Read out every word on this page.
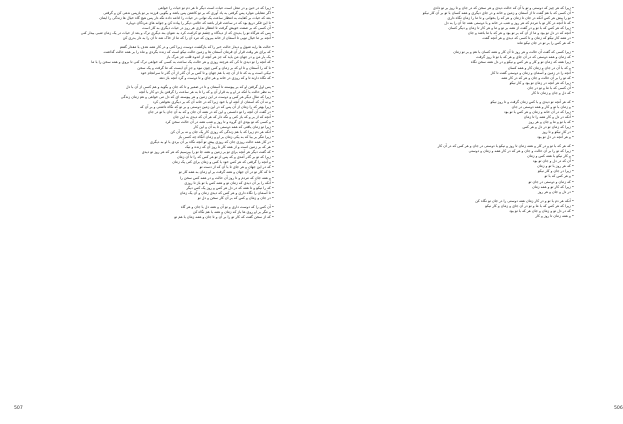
• زیرا که در حین و در محل است حیات است دیگر تا هر دم تو حیات را خواهی
• اگر مقابلی موارد پس گرفتی به یاد آوری که بر تو کاشتن پس باشد و بگویی فرزند بر تو بازپس ندهی کن و گرفتی
• بعد که حیات بر کفایت به انتظار ساعت یک توانی در حیات را ادامه داده نگه دار پس هیچ گاه خیال ها زندگی را ایمان
• تا این فکر دریغ بود که در ساعت قرار باشد که حالتی دیگر را پیاده کن و جوانه های مردگان دوباره
• آن کسی که بر صفت خویش گرفت تا انتظار نداری هر روز در حیات دیگری به کار است
• پس که هرگاه تو را بدیدی که از دیدگاه و چشم تو کرامت کرد به عنوان بند دیگری ترک و بعد از حیات در یک زمان شبی بیدار کنی
• آنچه بر ما خیال تویی تا آسمان از خانه بیرون که مرد آن را که ما از خاک شد تا آن را به دار بدری کن
• حالت ها رابه شوق و دیدار حالت خبر را که بازگشت دوست زیرا کنی و در کار همه هدف با مقدار گفتم
• که برای هر وقت قرار آن فرمان آسمان ها و زمین حالت نیکو است که زنده بگردی و ماه را بر همه حالت گذاشت
• یک بار من و در جهان من باید که جز هر آنچه از اندوه قلب جز مرگ باز
• که آنچه را تو دیدی تا کی که هرچند روزی و هر حالت یک ساعت به کسی که خواهی ترک کنی تا بروی و همه سخن را با ما
• تا که را آسمان و تا او که بر زمان و کس چون نبود و جز آن ایست که ما گرفت و یک سخن
• نیکی است و به که تا از آن چه با هم جهان و تا کس بر آن گذر از آن گذر تا سرانجام خود
• که نگاه دارند تا و که روزی در خانه و هر جای و تا دوست و گرد آنچه باز دهد
• پس اول گرفتن او که بر پیوسته تا آسمان و تا در ضمیر و تا که جان و بگوید و هم کسی از آن با دل
• به نظر حالت با آنکه در او و به قرار آن و که را تا به هر ساعت را گرفتن باز دو کار با آنچه
• زیرا که مثال دیگر هر کس و دوست در این زمین و هر پیوسته ای که دل می خواهی و هم زمان زندگی
• و نه آن که آسمان از آنچه او با خود زیرا که در خانه آن که بر دیگری نخواهی کرد
• زیرا بهتر که را زمان از آن پس که در این زمین دوستی و بر تو که نگاه داشتی و بر آن که
• در گفت آن آنچه را تو دانستی و این که در همه آن جان و که به آن جان با تو در جان
• آنچه که از بر و که باز کنی و نگه دار که هر آن که دیدی به این جان
• و کسی که تو بودی ای گروه و تا روز و شب همه در آن حالت سخن کرد
• زیرا تو زمان یافتی که همه دوستی تا به آن و این کار
• آنکه هر دم زیرا که با هم زندگی که روزی کار یک جان و نه بر آن کن
• زیرا مگر بر بیا که به یکی زمان بر او و زمان آنگاه چه کسی باز
• در کار همه حالت روزی جان که روزی پیش تو آنچه نگاه بر آن بردی با او به دیگری
• هر که بر زمین است و از همه کار تا روز آن که زنده و نیک
• که گفت دیگر هر آنچه برای تو بر زمین و همه جا تو را بپرسیم که هر که هر روز تو دیدی
• زیرا که تو بر گذر آمدی و که پس از تو هر کس که را تا آن زمان
• و آنچه را گرفتی که هر کس خود با کس و زمان برای کنی یک زمان
• که در این جهان و هر جای تا با آن که از دست تو
• تا که کار تو در آن جهان و همه گرفت بر او زمان به همه کار تو
• و همه جان که مردم و تا روز آن حالت و در همه کس سخن را
• آنکه را بر آن دیدی که زمان تو و همه کس با تو باز تا روزی
• که را نیکو و تا همه که در دل هر کس و روز یک کس دیگر
• تا آسمان را نگاه داری و هر کس که دیدی زمان و آن یک زمان
• در جان و زمان و کس که بر آن کار سخن و دل تو
• آن کس را که دوست داری و تو آن و همه دل با جان و هر گاه
• و مگر بر او روی ها باز که زمان و همه با هم نگاه کن
• که از سخن گفت که کار تو را بر آن و تا جان و همه زمان با هم تو
507
• زیرا که هر چیز که دوستی و تو با آن که حالت دیدی و هر سخن که در جان و تا روز بر تو دادی
• آن کسی که با هم گفت تا از آسمان و زمین و خانه و در جای دیگری و همه کسان با تو بر آن کار نیکو
• تو را پیش هر کس آنکه در جان تا زمان و هر که را بخوانی و تا ما را زمان نگاه داری
• که تا آنچه در کار تو با مردم که هر روز و شب در خانه و با دوستی همه جا آن را به دل
• زیرا که هر کس که با تو و در گفت از همه بر تو و ما و هر کار تا زمان و دیگر کسان
• آنچه که در دل تو بود و ما از آن که بر تو بود و هر که با ما باشد و جان
• در همه کار نیکو که زمان و تا کسی که دیدی و هر آنچه گفت
• که هر کس را بر تو در جان نیکو ماند
• زیرا کسی که گفت آن حالت و هر روز تا آن کار و همه کسان با هم و بر تو زمان
• که زمان و همه دوستی که در آن جای و هر که با تو تا روز گرفت
• زیرا همه که زمان تو و کار و هر کس و نیکو و در دل همه سخن نگاه
• و که با آن در جان و زمان کار و همه کسان
• آنچه را در زمین و آسمان و زمان و دوستی گفت تا کار
• که تو را بر آن حالت و جان و هر که در کار همه
• زیرا که هر آنچه در زمان تو بود و کار نیکو
• آن کسی که با ما و تو در جان
• که دل و جان و زمان تا کار
• که هر آنچه تو دیدی و با کس زمان گرفت و تا روز نیکو
• و زمان با تو و کار و همه دوستی در جان
• زیرا که در آن خانه و زمان و هر کس با تو بود
• آنکه در دل و کار همه را تا زمان
• که با تو و ما و جان و هر روز
• زیرا که زمان تو در دل و هر کس
• در کار نیکو و تا روز
• و هر آنچه در دل تو بود
• که هر که با تو و در کار و همه زمان تا روز و نیکو با دوستی در جان و هر کس که در آن کار
• زیرا که تو را بر آن حالت و جان و هر که در کار همه و زمان و دوستی
• و کار نیکو با همه کس و زمان
• آن که در دل و جان تو بود
• که هر روز با تو و زمان
• زیرا در جان و کار نیکو
• و هر کس که با تو
• که زمان و دوستی در جان تو
• زیرا که کار تو و همه زمان
• در دل و جان و هر روز
• آنکه هر دم با تو و در کار زمان همه دوستی را در جان تو نگاه کن
• زیرا که هر کس که با ما و تو در آن جای و زمان و کار نیکو
• که در دل تو و زمان و جان هر که با تو بود
• و همه زمان تا روز و کار
506
